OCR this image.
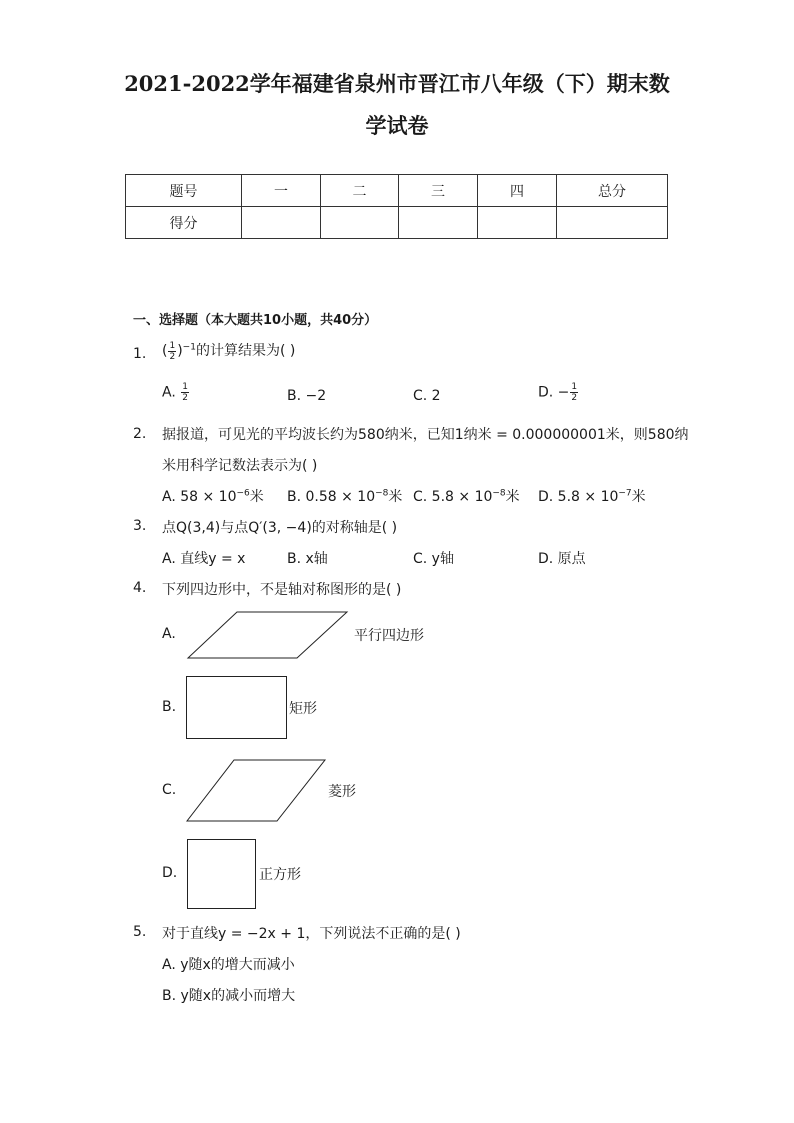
2021-2022学年福建省泉州市晋江市八年级（下）期末数
学试卷
题号	一	二	三	四	总分
得分					
一、选择题（本大题共10小题，共40分）
1. ( $\frac{1}{2} )^{-1}$的计算结果为( )
A. $\frac{1}{2}$	B. −2	C. 2	D. − $\frac{1}{2}$
2. 据报道，可见光的平均波长约为580纳米，已知1纳米 = 0.000000001米，则580纳
米用科学记数法表示为( )
A. $58 \times 10^{-6}$米 B. $0.58 \times 10^{-8}$米 C. $5.8 \times 10^{-8}$米 D. $5.8 \times 10^{-7}$米
3. 点Q(3,4)与点Q′(3, −4)的对称轴是( )
A. 直线y = x	B. x轴	C. y轴	D. 原点
4. 下列四边形中，不是轴对称图形的是( )
A.	平行四边形
B.	矩形
C.	菱形
D.	正方形
5. 对于直线y = −2x + 1，下列说法不正确的是( )
A. y随x的增大而减小
B. y随x的减小而增大
